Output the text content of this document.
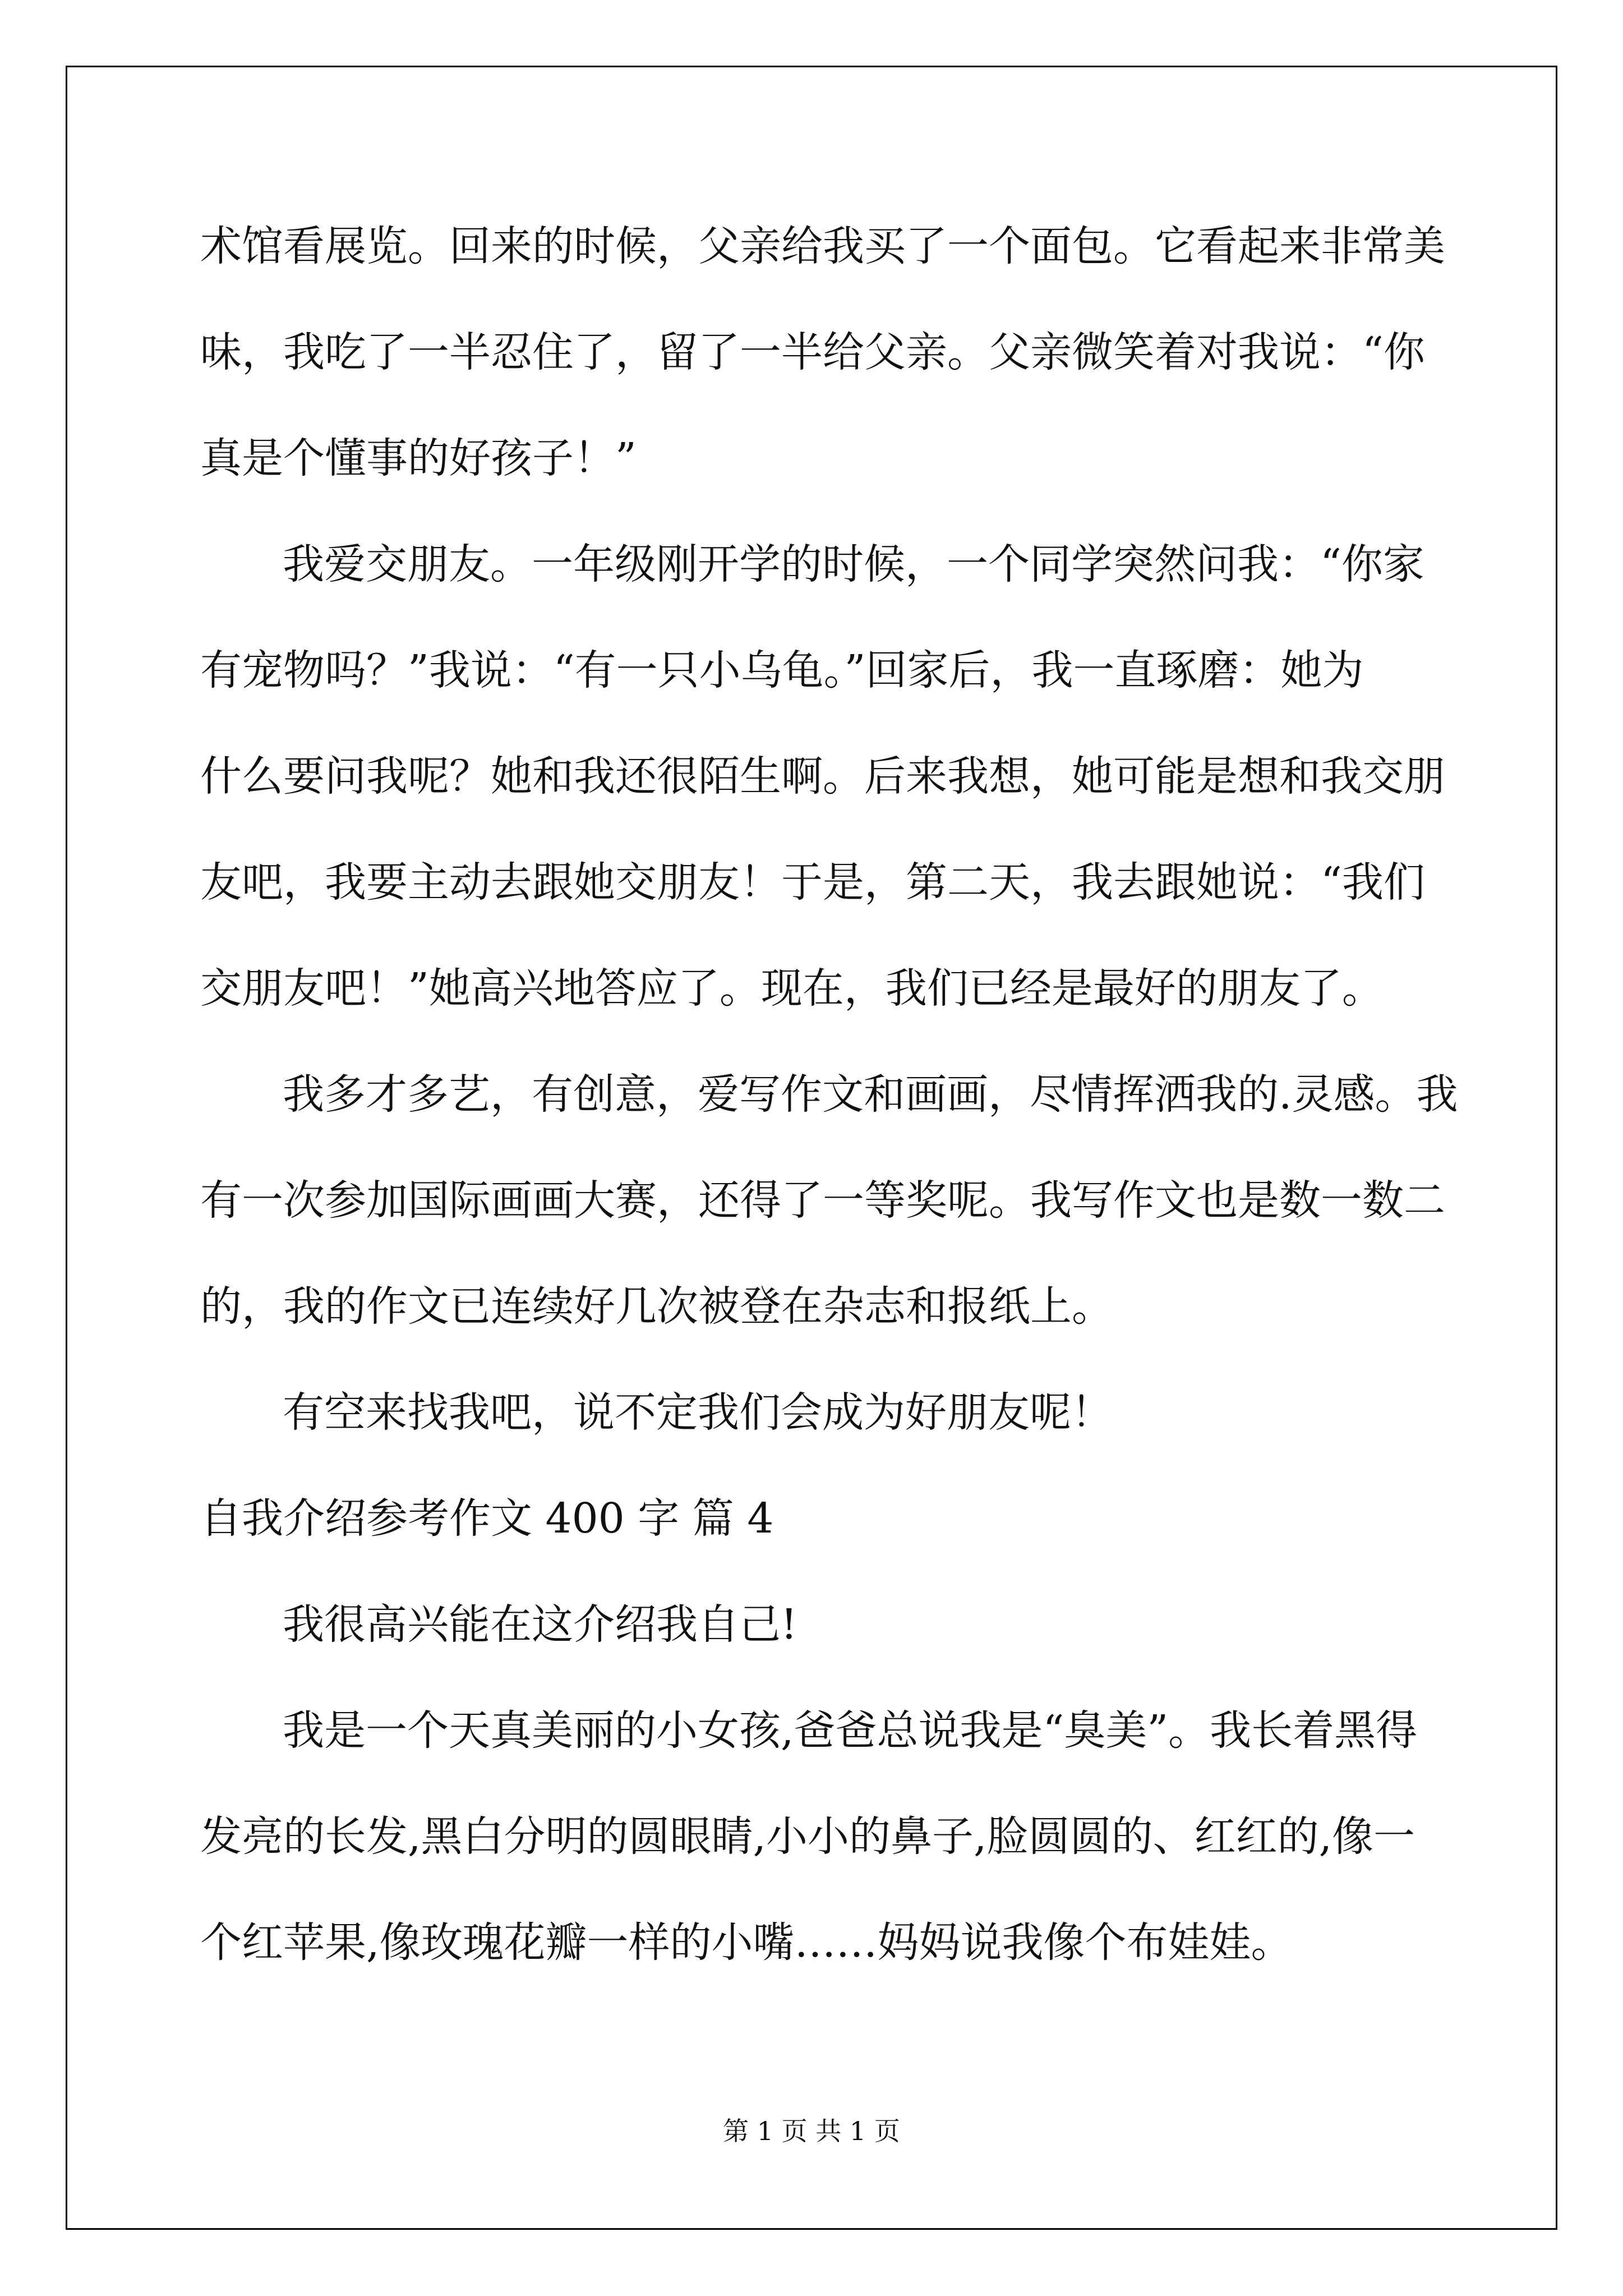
术馆看展览。回来的时候，父亲给我买了一个面包。它看起来非常美
味，我吃了一半忍住了，留了一半给父亲。父亲微笑着对我说：“你
真是个懂事的好孩子！”
我爱交朋友。一年级刚开学的时候，一个同学突然问我：“你家
有宠物吗？”我说：“有一只小乌龟。”回家后，我一直琢磨：她为
什么要问我呢？她和我还很陌生啊。后来我想，她可能是想和我交朋
友吧，我要主动去跟她交朋友！于是，第二天，我去跟她说：“我们
交朋友吧！”她高兴地答应了。现在，我们已经是最好的朋友了。
我多才多艺，有创意，爱写作文和画画，尽情挥洒我的.灵感。我
有一次参加国际画画大赛，还得了一等奖呢。我写作文也是数一数二
的，我的作文已连续好几次被登在杂志和报纸上。
有空来找我吧，说不定我们会成为好朋友呢！
自我介绍参考作文 400 字 篇 4
我很高兴能在这介绍我自己!
我是一个天真美丽的小女孩,爸爸总说我是“臭美”。我长着黑得
发亮的长发,黑白分明的圆眼睛,小小的鼻子,脸圆圆的、红红的,像一
个红苹果,像玫瑰花瓣一样的小嘴……妈妈说我像个布娃娃。
第 1 页 共 1 页
